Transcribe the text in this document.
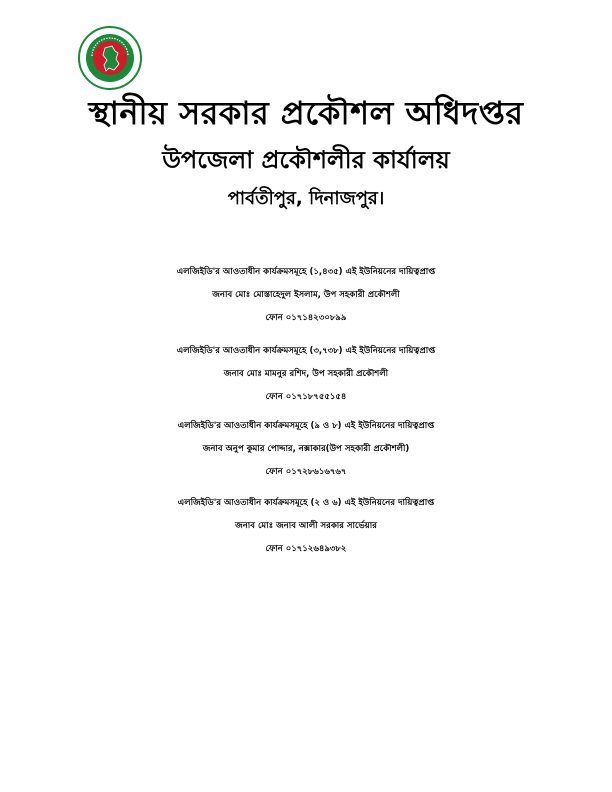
স্থানীয় সরকার প্রকৌশল অধিদপ্তর
উপজেলা প্রকৌশলীর কার্যালয়
পার্বতীপুর, দিনাজপুর।
এলজিইডি'র আওতাধীন কার্যক্রমসমূহে (১,৪৩৫) এই ইউনিয়নের দায়িত্বপ্রাপ্ত
জনাব মোঃ মোস্তাহেদুল ইসলাম, উপ সহকারী প্রকৌশলী
ফোন ০১৭১৪২৩০৮৯৯
এলজিইডি'র আওতাধীন কার্যক্রমসমূহে (৩,৭৩৮) এই ইউনিয়নের দায়িত্বপ্রাপ্ত
জনাব মোঃ মামনুর রশিদ, উপ সহকারী প্রকৌশলী
ফোন ০১৭১৮৭৫৫১৫৪
এলজিইডি'র আওতাধীন কার্যক্রমসমূহে (৯ ও ৮) এই ইউনিয়নের দায়িত্বপ্রাপ্ত
জনাব অনুপ কুমার পোদ্দার, নক্সাকার(উপ সহকারী প্রকৌশলী)
ফোন ০১৭২৮৬১৬৭৬৭
এলজিইডি'র আওতাধীন কার্যক্রমসমূহে (২ ও ৬) এই ইউনিয়নের দায়িত্বপ্রাপ্ত
জনাব মোঃ জনাব আলী সরকার সার্ভেয়ার
ফোন ০১৭১২৬৪৯৩৮২
